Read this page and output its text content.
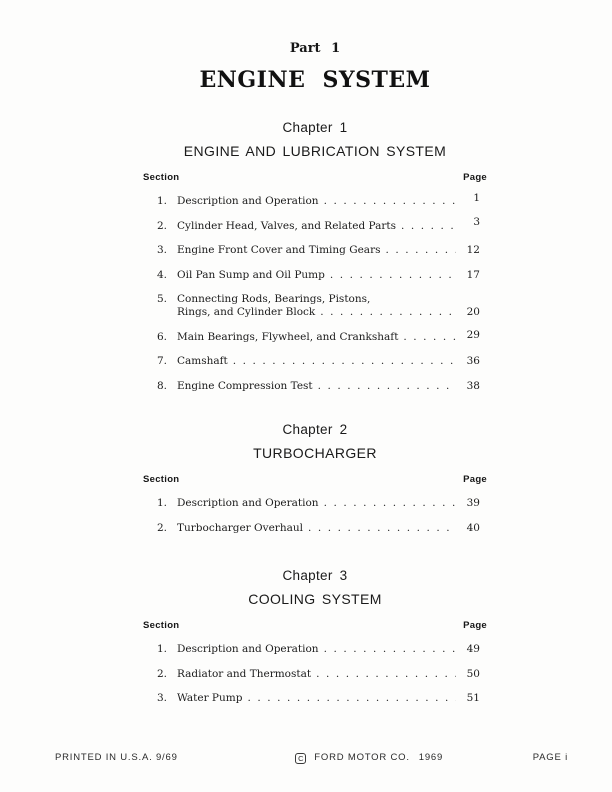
Part 1
ENGINE SYSTEM
Chapter 1
ENGINE AND LUBRICATION SYSTEM
Section	Page
1. Description and Operation . . .	1
2. Cylinder Head, Valves, and Related Parts . . .	3
3. Engine Front Cover and Timing Gears . . .	12
4. Oil Pan Sump and Oil Pump . . .	17
5. Connecting Rods, Bearings, Pistons,
Rings, and Cylinder Block . . .	20
6. Main Bearings, Flywheel, and Crankshaft . . .	29
7. Camshaft . . .	36
8. Engine Compression Test . . .	38
Chapter 2
TURBOCHARGER
Section	Page
1. Description and Operation . . .	39
2. Turbocharger Overhaul . . .	40
Chapter 3
COOLING SYSTEM
Section	Page
1. Description and Operation . . .	49
2. Radiator and Thermostat . . .	50
3. Water Pump . . .	51
PRINTED IN U.S.A. 9/69	C FORD MOTOR CO. 1969	PAGE i
